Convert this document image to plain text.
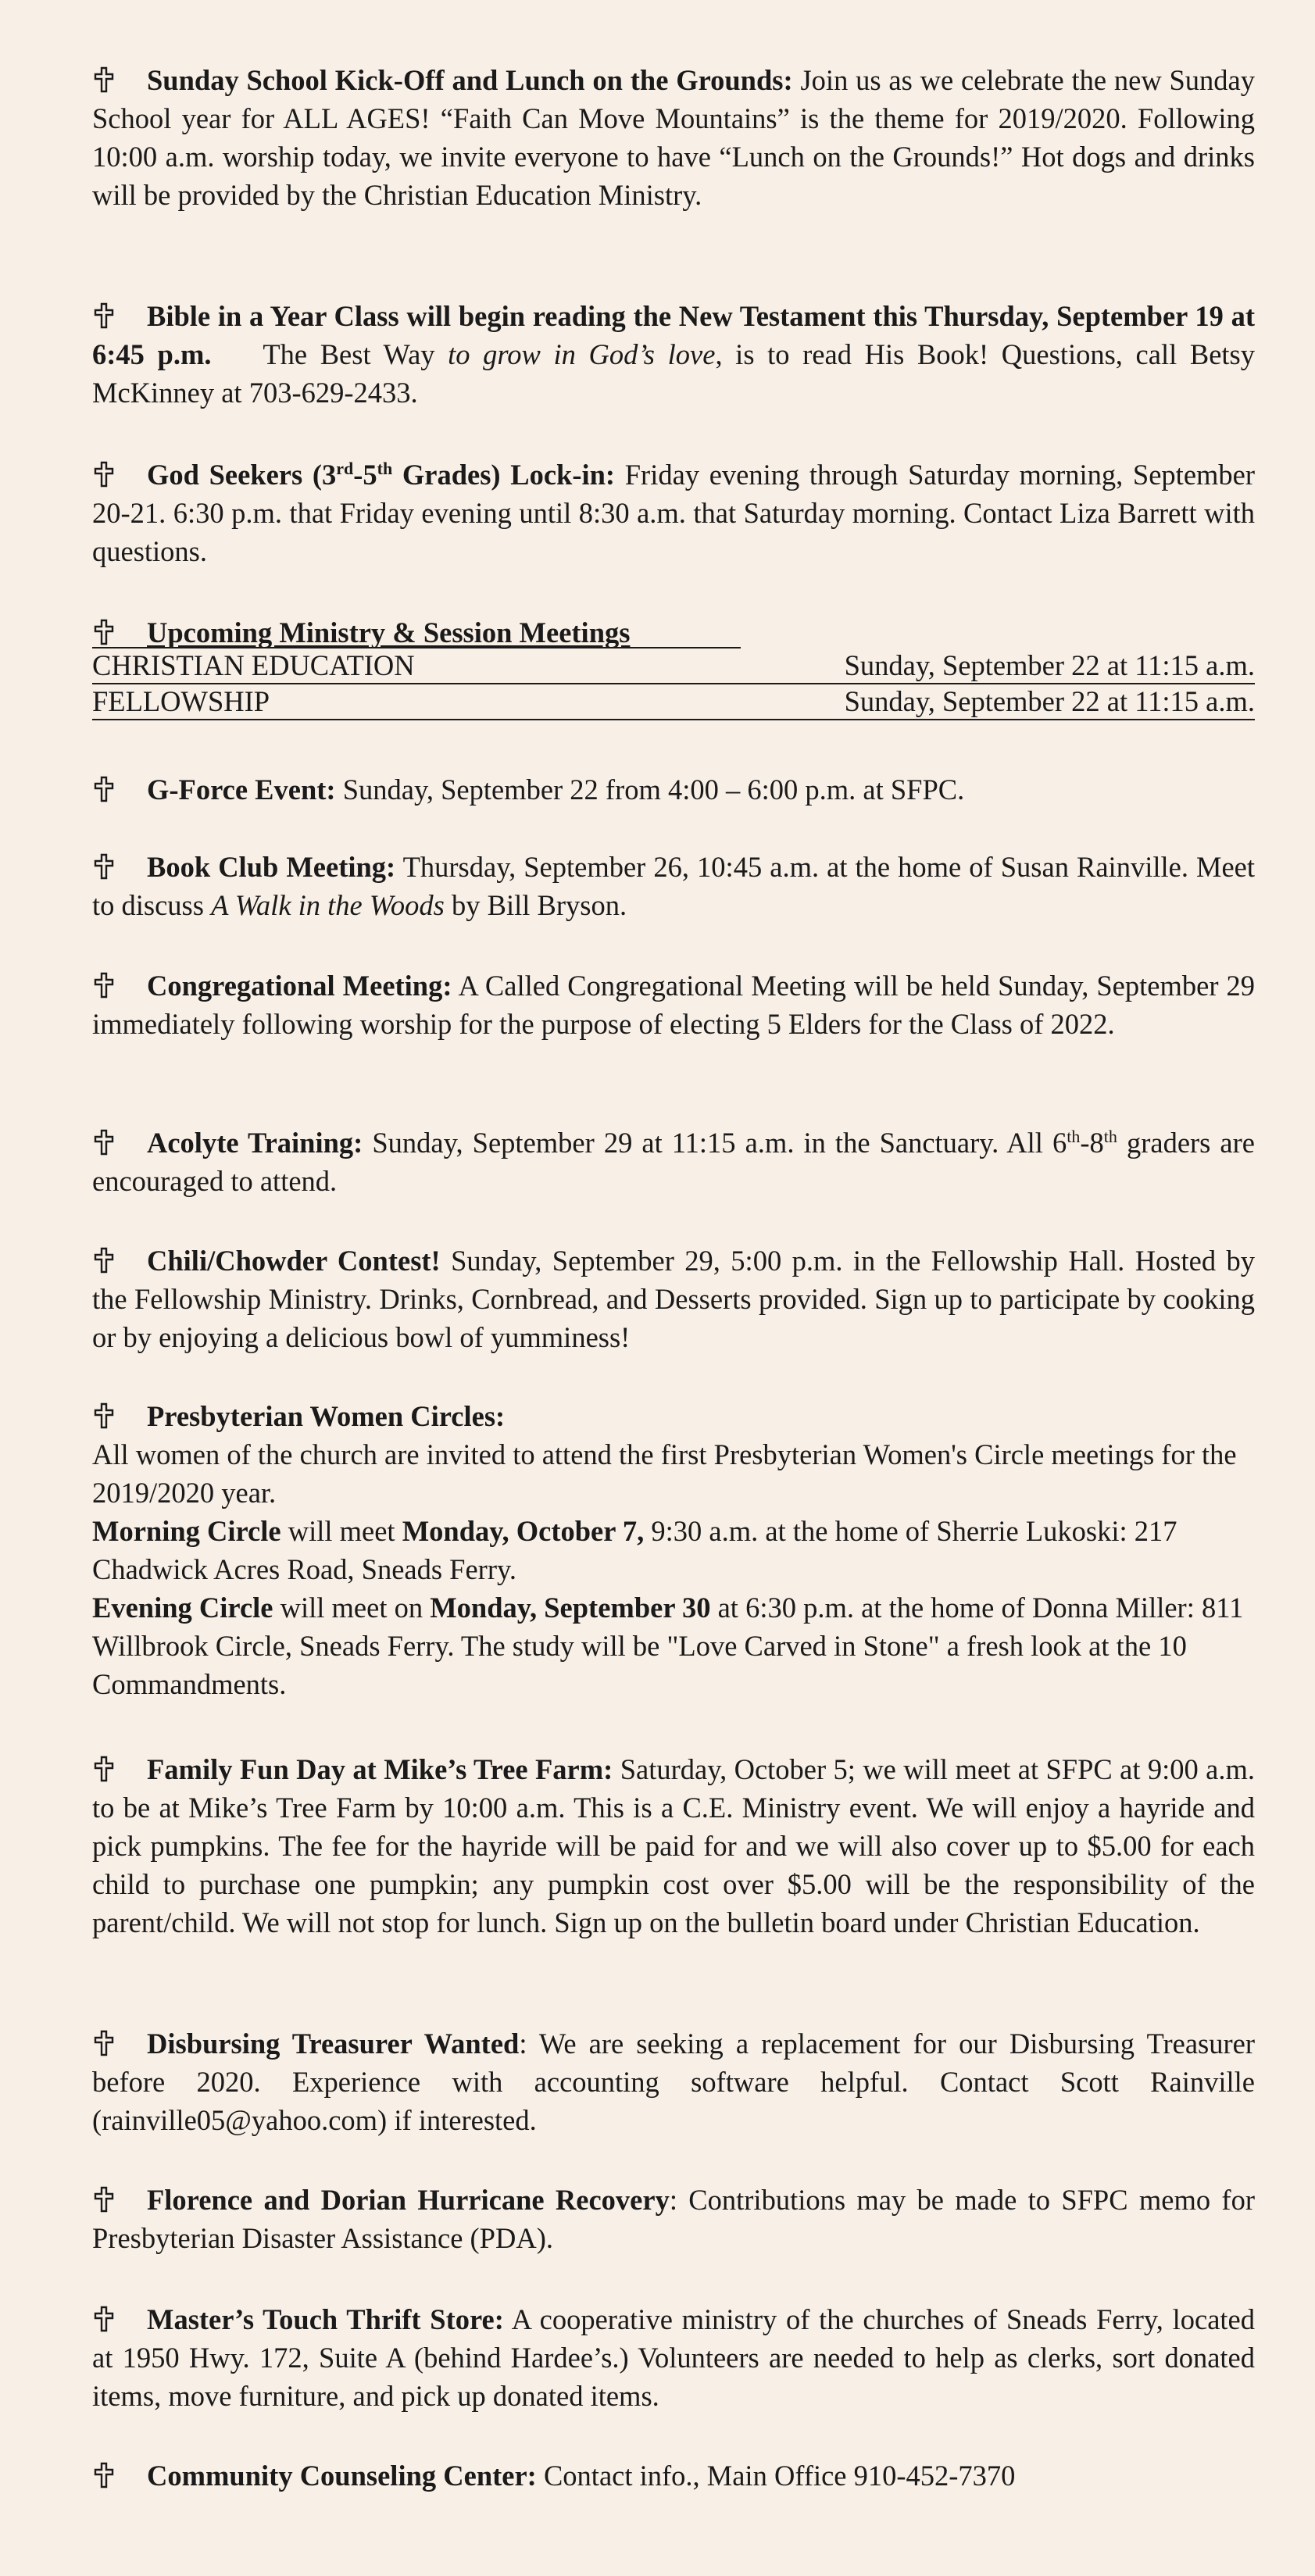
Sunday School Kick-Off and Lunch on the Grounds: Join us as we celebrate the new Sunday School year for ALL AGES! “Faith Can Move Mountains” is the theme for 2019/2020. Following 10:00 a.m. worship today, we invite everyone to have “Lunch on the Grounds!” Hot dogs and drinks will be provided by the Christian Education Ministry.
Bible in a Year Class will begin reading the New Testament this Thursday, September 19 at 6:45 p.m.    The Best Way to grow in God’s love, is to read His Book! Questions, call Betsy McKinney at 703-629-2433.
God Seekers (3rd-5th Grades) Lock-in: Friday evening through Saturday morning, September 20-21. 6:30 p.m. that Friday evening until 8:30 a.m. that Saturday morning. Contact Liza Barrett with questions.
Upcoming Ministry & Session Meetings
CHRISTIAN EDUCATION	Sunday, September 22 at 11:15 a.m.
FELLOWSHIP	Sunday, September 22 at 11:15 a.m.
G-Force Event: Sunday, September 22 from 4:00 – 6:00 p.m. at SFPC.
Book Club Meeting: Thursday, September 26, 10:45 a.m. at the home of Susan Rainville. Meet to discuss A Walk in the Woods by Bill Bryson.
Congregational Meeting: A Called Congregational Meeting will be held Sunday, September 29 immediately following worship for the purpose of electing 5 Elders for the Class of 2022.
Acolyte Training: Sunday, September 29 at 11:15 a.m. in the Sanctuary. All 6th-8th graders are encouraged to attend.
Chili/Chowder Contest! Sunday, September 29, 5:00 p.m. in the Fellowship Hall. Hosted by the Fellowship Ministry. Drinks, Cornbread, and Desserts provided. Sign up to participate by cooking or by enjoying a delicious bowl of yumminess!
Presbyterian Women Circles:
All women of the church are invited to attend the first Presbyterian Women's Circle meetings for the 2019/2020 year.
Morning Circle will meet Monday, October 7, 9:30 a.m. at the home of Sherrie Lukoski: 217 Chadwick Acres Road, Sneads Ferry.
Evening Circle will meet on Monday, September 30 at 6:30 p.m. at the home of Donna Miller: 811 Willbrook Circle, Sneads Ferry. The study will be "Love Carved in Stone" a fresh look at the 10 Commandments.
Family Fun Day at Mike’s Tree Farm: Saturday, October 5; we will meet at SFPC at 9:00 a.m. to be at Mike’s Tree Farm by 10:00 a.m. This is a C.E. Ministry event. We will enjoy a hayride and pick pumpkins. The fee for the hayride will be paid for and we will also cover up to $5.00 for each child to purchase one pumpkin; any pumpkin cost over $5.00 will be the responsibility of the parent/child. We will not stop for lunch. Sign up on the bulletin board under Christian Education.
Disbursing Treasurer Wanted: We are seeking a replacement for our Disbursing Treasurer before 2020. Experience with accounting software helpful. Contact Scott Rainville (rainville05@yahoo.com) if interested.
Florence and Dorian Hurricane Recovery: Contributions may be made to SFPC memo for Presbyterian Disaster Assistance (PDA).
Master’s Touch Thrift Store: A cooperative ministry of the churches of Sneads Ferry, located at 1950 Hwy. 172, Suite A (behind Hardee’s.) Volunteers are needed to help as clerks, sort donated items, move furniture, and pick up donated items.
Community Counseling Center: Contact info., Main Office 910-452-7370
